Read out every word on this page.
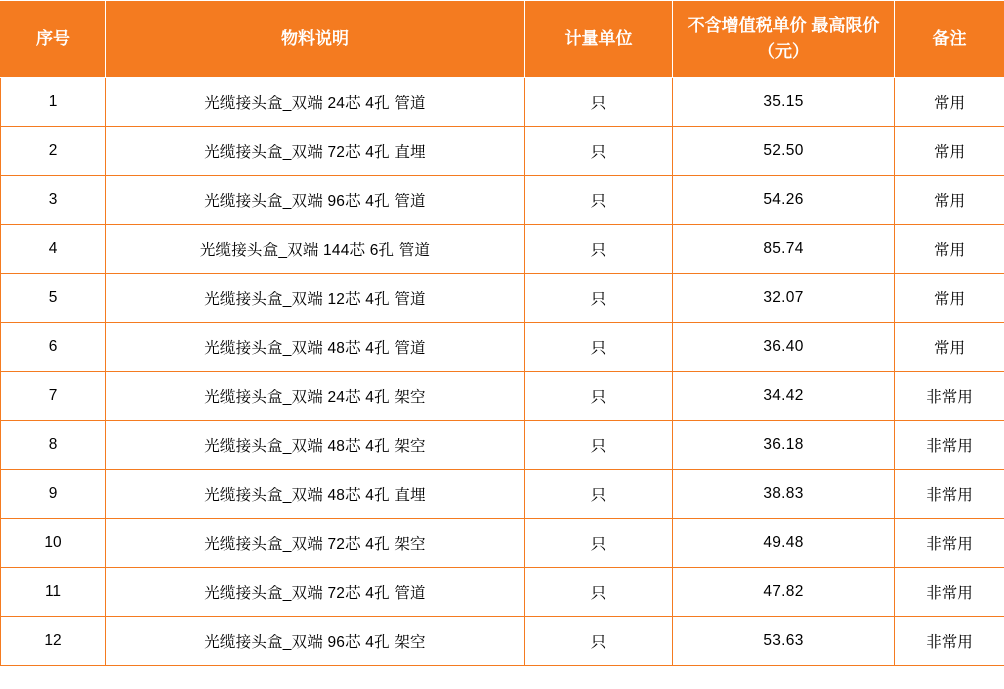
序号	物料说明	计量单位	不含增值税单价 最高限价（元）	备注
1	光缆接头盒_双端 24芯 4孔 管道	只	35.15	常用
2	光缆接头盒_双端 72芯 4孔 直埋	只	52.50	常用
3	光缆接头盒_双端 96芯 4孔 管道	只	54.26	常用
4	光缆接头盒_双端 144芯 6孔 管道	只	85.74	常用
5	光缆接头盒_双端 12芯 4孔 管道	只	32.07	常用
6	光缆接头盒_双端 48芯 4孔 管道	只	36.40	常用
7	光缆接头盒_双端 24芯 4孔 架空	只	34.42	非常用
8	光缆接头盒_双端 48芯 4孔 架空	只	36.18	非常用
9	光缆接头盒_双端 48芯 4孔 直埋	只	38.83	非常用
10	光缆接头盒_双端 72芯 4孔 架空	只	49.48	非常用
11	光缆接头盒_双端 72芯 4孔 管道	只	47.82	非常用
12	光缆接头盒_双端 96芯 4孔 架空	只	53.63	非常用
